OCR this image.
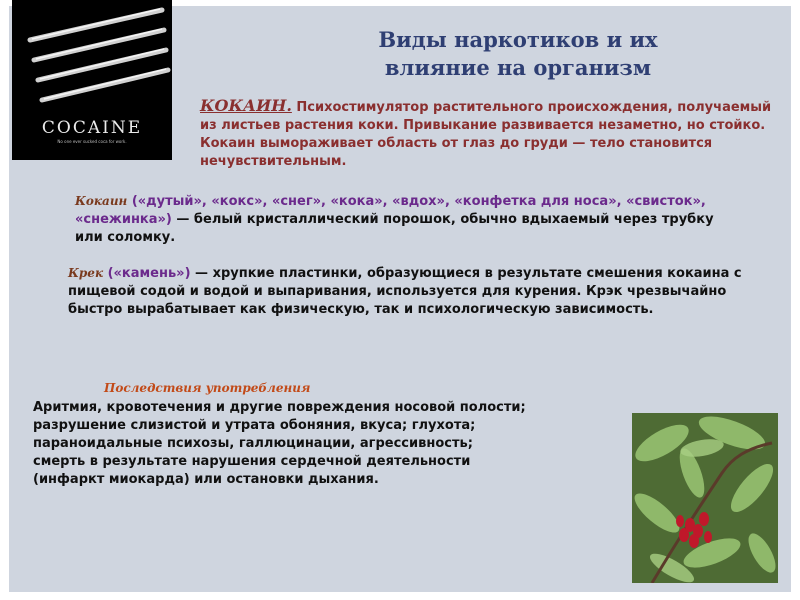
COCAINE
No one ever sucked coca for work.
Виды наркотиков и их
влияние на организм
КОКАИН. Психостимулятор растительного происхождения, получаемый из листьев растения коки. Привыкание развивается незаметно, но стойко. Кокаин вымораживает область от глаз до груди — тело становится нечувствительным.
Кокаин («дутый», «кокс», «снег», «кока», «вдох», «конфетка для носа», «свисток», «снежинка») — белый кристаллический порошок, обычно вдыхаемый через трубку или соломку.
Крек («камень») — хрупкие пластинки, образующиеся в результате смешения кокаина с пищевой содой и водой и выпаривания, используется для курения. Крэк чрезвычайно быстро вырабатывает как физическую, так и психологическую зависимость.
Последствия употребления
Аритмия, кровотечения и другие повреждения носовой полости;
разрушение слизистой и утрата обоняния, вкуса; глухота;
параноидальные психозы, галлюцинации, агрессивность;
смерть в результате нарушения сердечной деятельности
(инфаркт миокарда) или остановки дыхания.
